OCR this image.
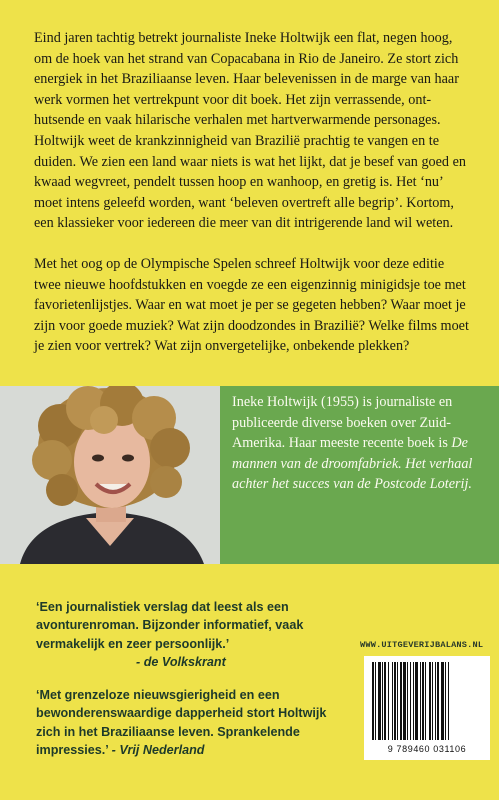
Eind jaren tachtig betrekt journaliste Ineke Holtwijk een flat, negen hoog, om de hoek van het strand van Copacabana in Rio de Janeiro. Ze stort zich energiek in het Braziliaanse leven. Haar belevenissen in de marge van haar werk vormen het vertrekpunt voor dit boek. Het zijn verrassende, ont-hutsende en vaak hilarische verhalen met hartverwarmende personages. Holtwijk weet de krankzinnigheid van Brazilië prachtig te vangen en te duiden. We zien een land waar niets is wat het lijkt, dat je besef van goed en kwaad wegvreet, pendelt tussen hoop en wanhoop, en gretig is. Het ‘nu’ moet intens geleefd worden, want ‘beleven overtreft alle begrip’. Kortom, een klassieker voor iedereen die meer van dit intrigerende land wil weten.

Met het oog op de Olympische Spelen schreef Holtwijk voor deze editie twee nieuwe hoofdstukken en voegde ze een eigenzinnig minigidsje toe met favorietenlijstjes. Waar en wat moet je per se gegeten hebben? Waar moet je zijn voor goede muziek? Wat zijn doodzondes in Brazilië? Welke films moet je zien voor vertrek? Wat zijn onvergetelijke, onbekende plekken?

Ineke Holtwijk (1955) is journaliste en publiceerde diverse boeken over Zuid-Amerika. Haar meeste recente boek is De mannen van de droomfabriek. Het verhaal achter het succes van de Postcode Loterij.
‘Een journalistiek verslag dat leest als een avonturenroman. Bijzonder informatief, vaak vermakelijk en zeer persoonlijk.’
- de Volkskrant
‘Met grenzeloze nieuwsgierigheid en een bewonderenswaardige dapperheid stort Holtwijk zich in het Braziliaanse leven. Sprankelende impressies.’ - Vrij Nederland
WWW.UITGEVERIJBALANS.NL
9 789460 031106
